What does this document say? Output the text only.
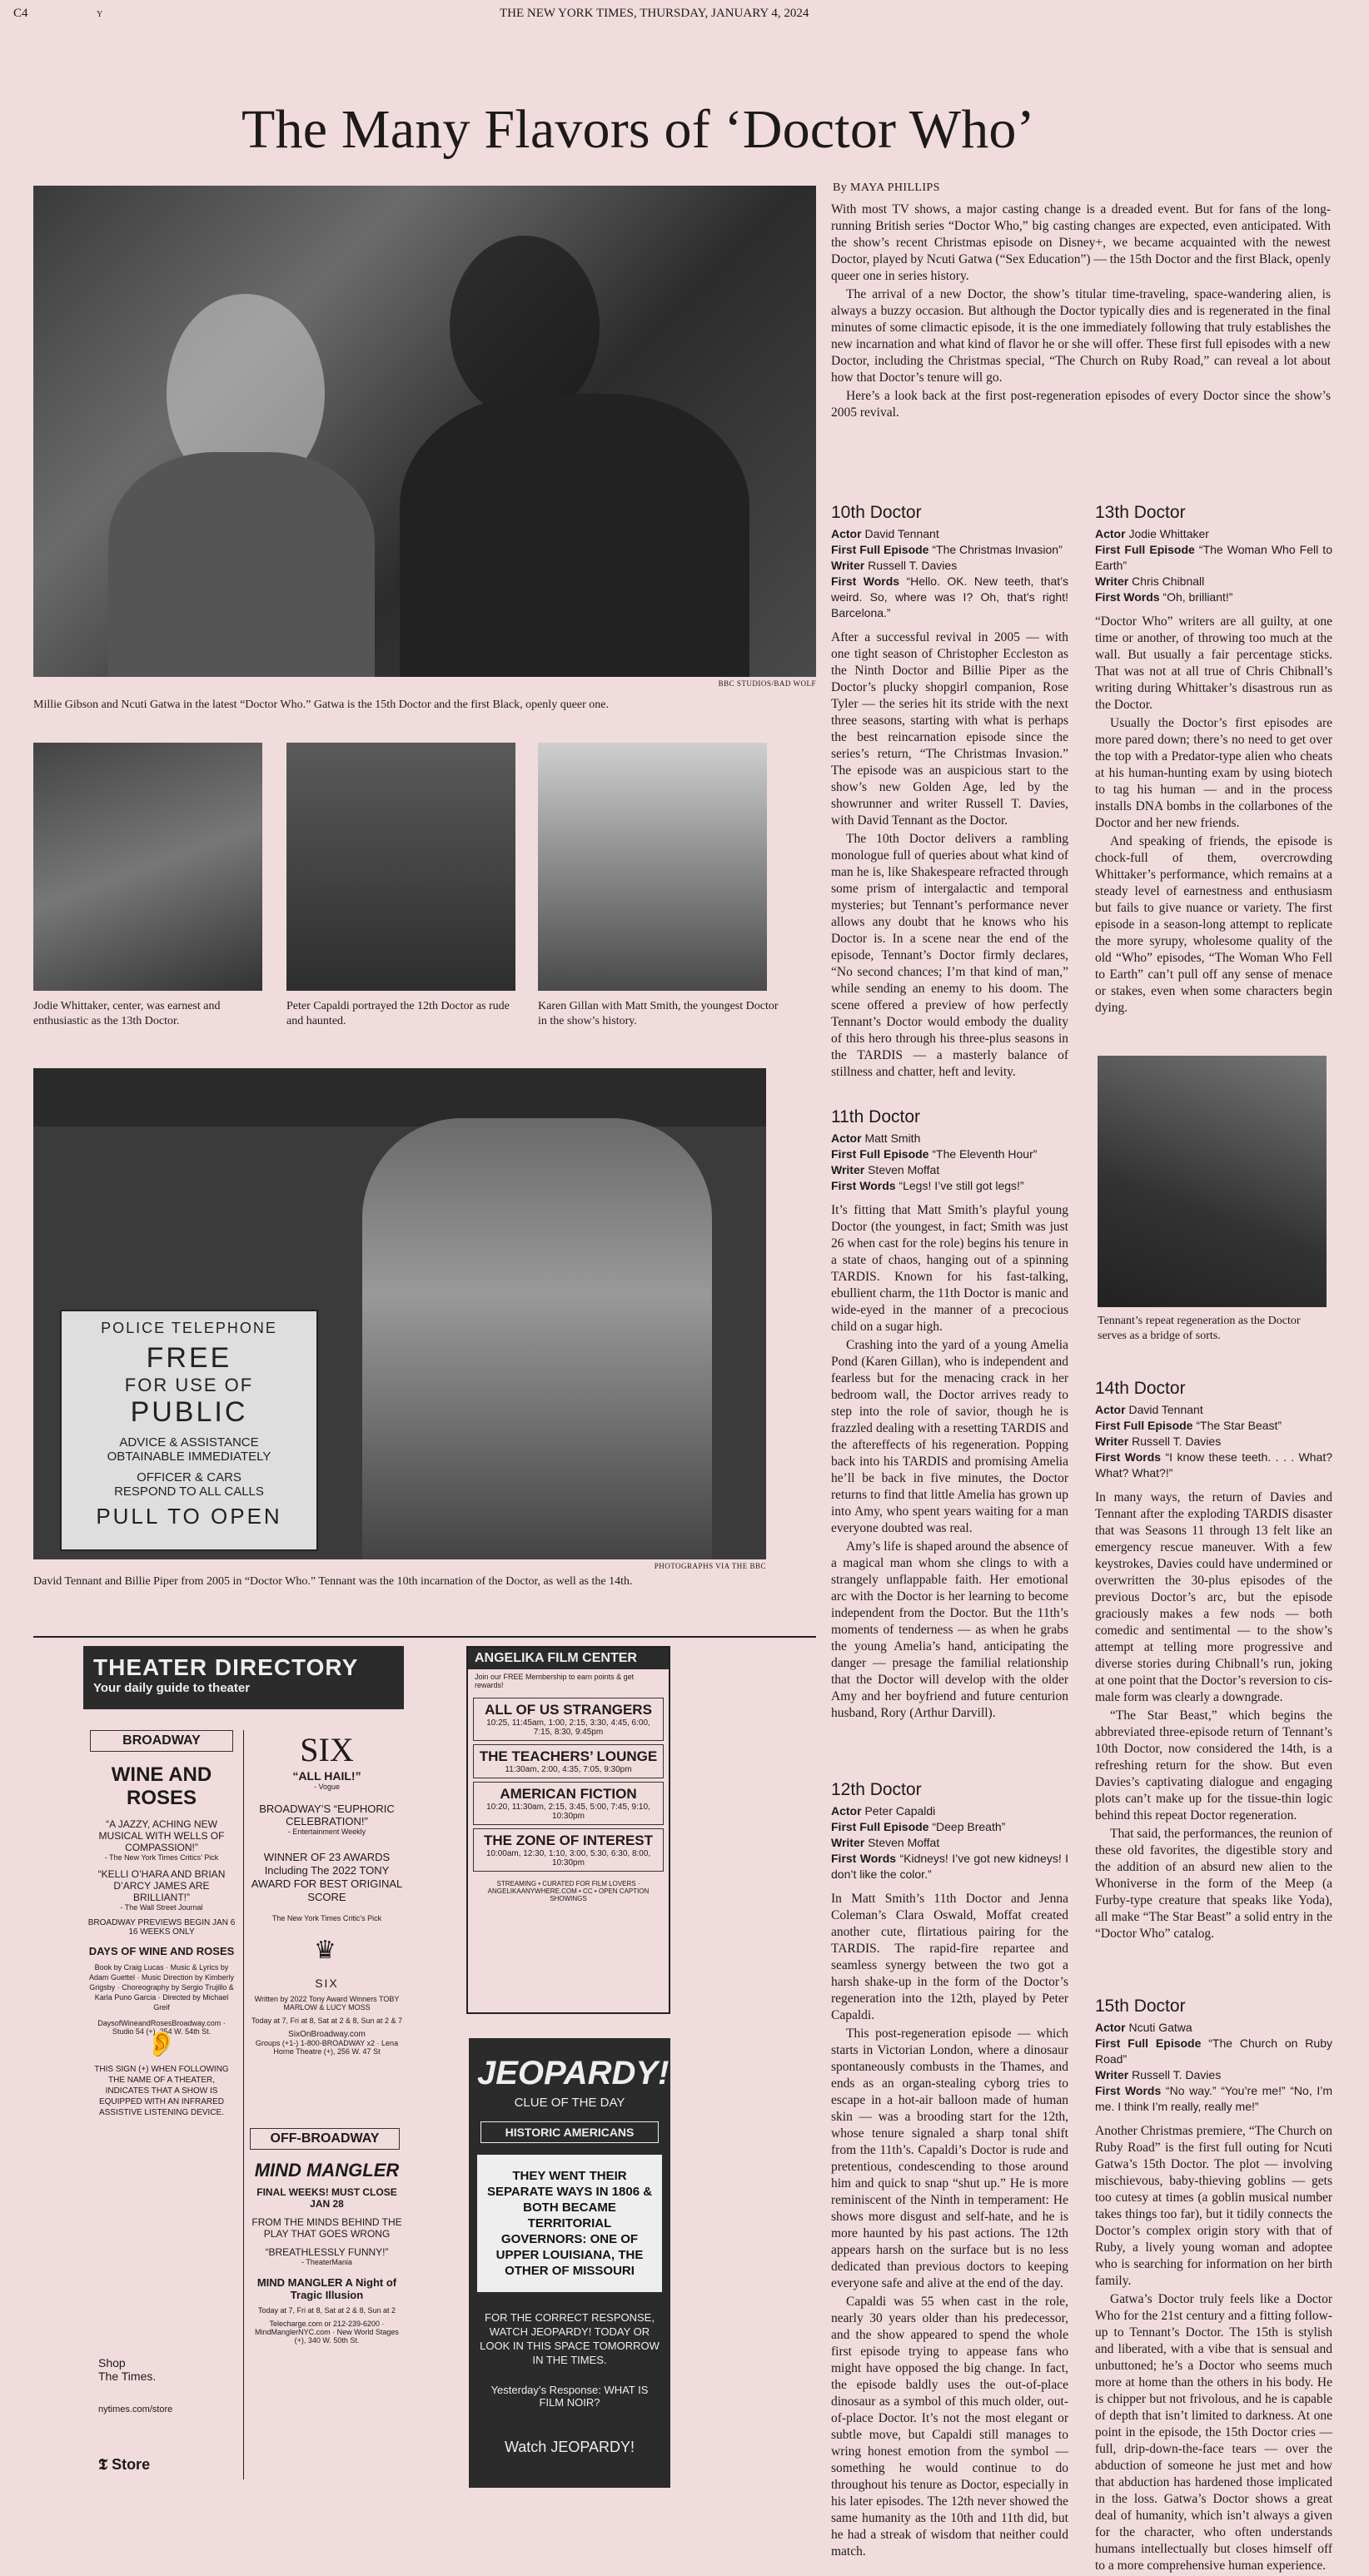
C4	Y	THE NEW YORK TIMES, THURSDAY, JANUARY 4, 2024
The Many Flavors of ‘Doctor Who’
By MAYA PHILLIPS
BBC STUDIOS/BAD WOLF
Millie Gibson and Ncuti Gatwa in the latest “Doctor Who.” Gatwa is the 15th Doctor and the first Black, openly queer one.
Jodie Whittaker, center, was earnest and enthusiastic as the 13th Doctor.
Peter Capaldi portrayed the 12th Doctor as rude and haunted.
Karen Gillan with Matt Smith, the youngest Doctor in the show’s history.
POLICE TELEPHONE
FREE
FOR USE OF
PUBLIC
ADVICE & ASSISTANCE
OBTAINABLE IMMEDIATELY
OFFICER & CARS
RESPOND TO ALL CALLS
PULL TO OPEN
PHOTOGRAPHS VIA THE BBC
David Tennant and Billie Piper from 2005 in “Doctor Who.” Tennant was the 10th incarnation of the Doctor, as well as the 14th.

With most TV shows, a major casting change is a dreaded event. But for fans of the long-running British series “Doctor Who,” big casting changes are expected, even anticipated. With the show’s recent Christmas episode on Disney+, we became acquainted with the newest Doctor, played by Ncuti Gatwa (“Sex Education”) — the 15th Doctor and the first Black, openly queer one in series history.

The arrival of a new Doctor, the show’s titular time-traveling, space-wandering alien, is always a buzzy occasion. But although the Doctor typically dies and is regenerated in the final minutes of some climactic episode, it is the one immediately following that truly establishes the new incarnation and what kind of flavor he or she will offer. These first full episodes with a new Doctor, including the Christmas special, “The Church on Ruby Road,” can reveal a lot about how that Doctor’s tenure will go.

Here’s a look back at the first post-regeneration episodes of every Doctor since the show’s 2005 revival.

10th Doctor
Actor David Tennant
First Full Episode “The Christmas Invasion”
Writer Russell T. Davies
First Words “Hello. OK. New teeth, that’s weird. So, where was I? Oh, that’s right! Barcelona.”

After a successful revival in 2005 — with one tight season of Christopher Eccleston as the Ninth Doctor and Billie Piper as the Doctor’s plucky shopgirl companion, Rose Tyler — the series hit its stride with the next three seasons, starting with what is perhaps the best reincarnation episode since the series’s return, “The Christmas Invasion.” The episode was an auspicious start to the show’s new Golden Age, led by the showrunner and writer Russell T. Davies, with David Tennant as the Doctor.

The 10th Doctor delivers a rambling monologue full of queries about what kind of man he is, like Shakespeare refracted through some prism of intergalactic and temporal mysteries; but Tennant’s performance never allows any doubt that he knows who his Doctor is. In a scene near the end of the episode, Tennant’s Doctor firmly declares, “No second chances; I’m that kind of man,” while sending an enemy to his doom. The scene offered a preview of how perfectly Tennant’s Doctor would embody the duality of this hero through his three-plus seasons in the TARDIS — a masterly balance of stillness and chatter, heft and levity.

13th Doctor
Actor Jodie Whittaker
First Full Episode “The Woman Who Fell to Earth”
Writer Chris Chibnall
First Words “Oh, brilliant!”

“Doctor Who” writers are all guilty, at one time or another, of throwing too much at the wall. But usually a fair percentage sticks. That was not at all true of Chris Chibnall’s writing during Whittaker’s disastrous run as the Doctor.

Usually the Doctor’s first episodes are more pared down; there’s no need to get over the top with a Predator-type alien who cheats at his human-hunting exam by using biotech to tag his human — and in the process installs DNA bombs in the collarbones of the Doctor and her new friends.

And speaking of friends, the episode is chock-full of them, overcrowding Whittaker’s performance, which remains at a steady level of earnestness and enthusiasm but fails to give nuance or variety. The first episode in a season-long attempt to replicate the more syrupy, wholesome quality of the old “Who” episodes, “The Woman Who Fell to Earth” can’t pull off any sense of menace or stakes, even when some characters begin dying.

Tennant’s repeat regeneration as the Doctor serves as a bridge of sorts.
11th Doctor
Actor Matt Smith
First Full Episode “The Eleventh Hour”
Writer Steven Moffat
First Words “Legs! I’ve still got legs!”

It’s fitting that Matt Smith’s playful young Doctor (the youngest, in fact; Smith was just 26 when cast for the role) begins his tenure in a state of chaos, hanging out of a spinning TARDIS. Known for his fast-talking, ebullient charm, the 11th Doctor is manic and wide-eyed in the manner of a precocious child on a sugar high.

Crashing into the yard of a young Amelia Pond (Karen Gillan), who is independent and fearless but for the menacing crack in her bedroom wall, the Doctor arrives ready to step into the role of savior, though he is frazzled dealing with a resetting TARDIS and the aftereffects of his regeneration. Popping back into his TARDIS and promising Amelia he’ll be back in five minutes, the Doctor returns to find that little Amelia has grown up into Amy, who spent years waiting for a man everyone doubted was real.

Amy’s life is shaped around the absence of a magical man whom she clings to with a strangely unflappable faith. Her emotional arc with the Doctor is her learning to become independent from the Doctor. But the 11th’s moments of tenderness — as when he grabs the young Amelia’s hand, anticipating the danger — presage the familial relationship that the Doctor will develop with the older Amy and her boyfriend and future centurion husband, Rory (Arthur Darvill).

14th Doctor
Actor David Tennant
First Full Episode “The Star Beast”
Writer Russell T. Davies
First Words “I know these teeth. . . . What? What? What?!”

In many ways, the return of Davies and Tennant after the exploding TARDIS disaster that was Seasons 11 through 13 felt like an emergency rescue maneuver. With a few keystrokes, Davies could have undermined or overwritten the 30-plus episodes of the previous Doctor’s arc, but the episode graciously makes a few nods — both comedic and sentimental — to the show’s attempt at telling more progressive and diverse stories during Chibnall’s run, joking at one point that the Doctor’s reversion to cis-male form was clearly a downgrade.

“The Star Beast,” which begins the abbreviated three-episode return of Tennant’s 10th Doctor, now considered the 14th, is a refreshing return for the show. But even Davies’s captivating dialogue and engaging plots can’t make up for the tissue-thin logic behind this repeat Doctor regeneration.

That said, the performances, the reunion of these old favorites, the digestible story and the addition of an absurd new alien to the Whoniverse in the form of the Meep (a Furby-type creature that speaks like Yoda), all make “The Star Beast” a solid entry in the “Doctor Who” catalog.

12th Doctor
Actor Peter Capaldi
First Full Episode “Deep Breath”
Writer Steven Moffat
First Words “Kidneys! I’ve got new kidneys! I don’t like the color.”

In Matt Smith’s 11th Doctor and Jenna Coleman’s Clara Oswald, Moffat created another cute, flirtatious pairing for the TARDIS. The rapid-fire repartee and seamless synergy between the two got a harsh shake-up in the form of the Doctor’s regeneration into the 12th, played by Peter Capaldi.

This post-regeneration episode — which starts in Victorian London, where a dinosaur spontaneously combusts in the Thames, and ends as an organ-stealing cyborg tries to escape in a hot-air balloon made of human skin — was a brooding start for the 12th, whose tenure signaled a sharp tonal shift from the 11th’s. Capaldi’s Doctor is rude and pretentious, condescending to those around him and quick to snap “shut up.” He is more reminiscent of the Ninth in temperament: He shows more disgust and self-hate, and he is more haunted by his past actions. The 12th appears harsh on the surface but is no less dedicated than previous doctors to keeping everyone safe and alive at the end of the day.

Capaldi was 55 when cast in the role, nearly 30 years older than his predecessor, and the show appeared to spend the whole first episode trying to appease fans who might have opposed the big change. In fact, the episode baldly uses the out-of-place dinosaur as a symbol of this much older, out-of-place Doctor. It’s not the most elegant or subtle move, but Capaldi still manages to wring honest emotion from the symbol — something he would continue to do throughout his tenure as Doctor, especially in his later episodes. The 12th never showed the same humanity as the 10th and 11th did, but he had a streak of wisdom that neither could match.

15th Doctor
Actor Ncuti Gatwa
First Full Episode “The Church on Ruby Road”
Writer Russell T. Davies
First Words “No way.” “You’re me!” “No, I’m me. I think I’m really, really me!”

Another Christmas premiere, “The Church on Ruby Road” is the first full outing for Ncuti Gatwa’s 15th Doctor. The plot — involving mischievous, baby-thieving goblins — gets too cutesy at times (a goblin musical number takes things too far), but it tidily connects the Doctor’s complex origin story with that of Ruby, a lively young woman and adoptee who is searching for information on her birth family.

Gatwa’s Doctor truly feels like a Doctor Who for the 21st century and a fitting follow-up to Tennant’s Doctor. The 15th is stylish and liberated, with a vibe that is sensual and unbuttoned; he’s a Doctor who seems much more at home than the others in his body. He is chipper but not frivolous, and he is capable of depth that isn’t limited to darkness. At one point in the episode, the 15th Doctor cries — full, drip-down-the-face tears — over the abduction of someone he just met and how that abduction has hardened those implicated in the loss. Gatwa’s Doctor shows a great deal of humanity, which isn’t always a given for the character, who often understands humans intellectually but closes himself off to a more comprehensive human experience.

THEATER DIRECTORY
Your daily guide to theater
BROADWAY
WINE AND ROSES
“A JAZZY, ACHING NEW MUSICAL WITH WELLS OF COMPASSION!”
- The New York Times Critics’ Pick
“KELLI O’HARA AND BRIAN D’ARCY JAMES ARE BRILLIANT!”
- The Wall Street Journal
BROADWAY PREVIEWS BEGIN JAN 6 16 WEEKS ONLY
DAYS OF WINE AND ROSES
Book by Craig Lucas · Music & Lyrics by Adam Guettel · Music Direction by Kimberly Grigsby · Choreography by Sergio Trujillo & Karla Puno Garcia · Directed by Michael Greif
DaysofWineandRosesBroadway.com · Studio 54 (+), 254 W. 54th St.
SIX
“ALL HAIL!”
- Vogue
BROADWAY’S “EUPHORIC CELEBRATION!”
- Entertainment Weekly
WINNER OF 23 AWARDS Including The 2022 TONY AWARD FOR BEST ORIGINAL SCORE
The New York Times Critic’s Pick
♛
SIX
Written by 2022 Tony Award Winners TOBY MARLOW & LUCY MOSS
Today at 7, Fri at 8, Sat at 2 & 8, Sun at 2 & 7
SixOnBroadway.com
Groups (+1-) 1-800-BROADWAY x2 · Lena Horne Theatre (+), 256 W. 47 St
OFF-BROADWAY
👂
THIS SIGN (+) WHEN FOLLOWING THE NAME OF A THEATER, INDICATES THAT A SHOW IS EQUIPPED WITH AN INFRARED ASSISTIVE LISTENING DEVICE.
MIND MANGLER
FINAL WEEKS! MUST CLOSE JAN 28
FROM THE MINDS BEHIND THE PLAY THAT GOES WRONG
“BREATHLESSLY FUNNY!”
- TheaterMania
MIND MANGLER A Night of Tragic Illusion
Today at 7, Fri at 8, Sat at 2 & 8, Sun at 2
Telecharge.com or 212-239-6200 · MindManglerNYC.com · New World Stages (+), 340 W. 50th St.
Shop
The Times.
nytimes.com/store
𝕿 Store
ANGELIKA FILM CENTER
Join our FREE Membership to earn points & get rewards!
ALL OF US STRANGERS
10:25, 11:45am, 1:00, 2:15, 3:30, 4:45, 6:00, 7:15, 8:30, 9:45pm
THE TEACHERS’ LOUNGE
11:30am, 2:00, 4:35, 7:05, 9:30pm
AMERICAN FICTION
10:20, 11:30am, 2:15, 3:45, 5:00, 7:45, 9:10, 10:30pm
THE ZONE OF INTEREST
10:00am, 12:30, 1:10, 3:00, 5:30, 6:30, 8:00, 10:30pm
STREAMING • CURATED FOR FILM LOVERS · ANGELIKAANYWHERE.COM • CC • OPEN CAPTION SHOWINGS
JEOPARDY!
CLUE OF THE DAY
HISTORIC AMERICANS
THEY WENT THEIR SEPARATE WAYS IN 1806 & BOTH BECAME TERRITORIAL GOVERNORS: ONE OF UPPER LOUISIANA, THE OTHER OF MISSOURI
FOR THE CORRECT RESPONSE, WATCH JEOPARDY! TODAY OR LOOK IN THIS SPACE TOMORROW IN THE TIMES.
Yesterday’s Response: WHAT IS FILM NOIR?
Watch JEOPARDY!
